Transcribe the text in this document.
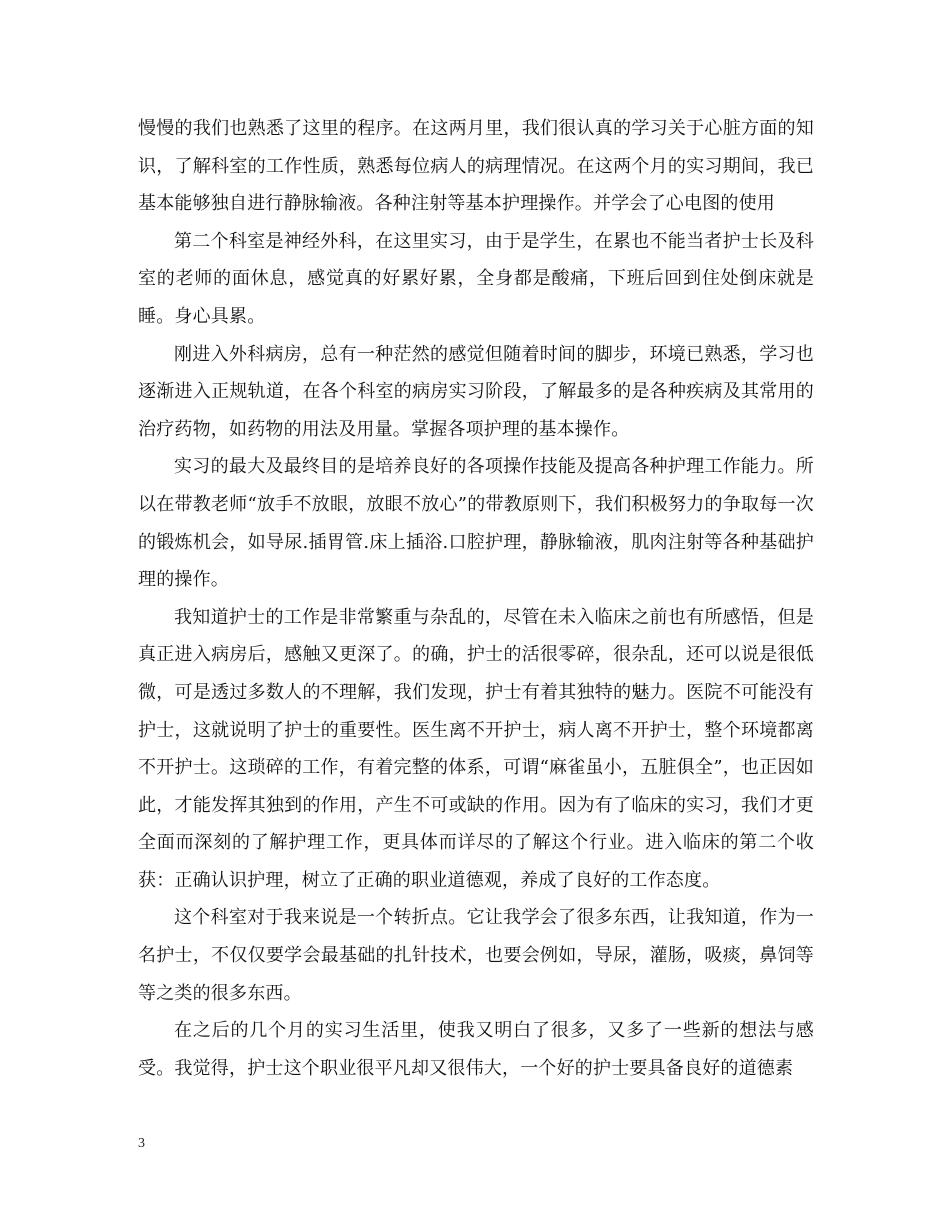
慢慢的我们也熟悉了这里的程序。在这两月里，我们很认真的学习关于心脏方面的知识，了解科室的工作性质，熟悉每位病人的病理情况。在这两个月的实习期间，我已基本能够独自进行静脉输液。各种注射等基本护理操作。并学会了心电图的使用

第二个科室是神经外科，在这里实习，由于是学生，在累也不能当者护士长及科室的老师的面休息，感觉真的好累好累，全身都是酸痛，下班后回到住处倒床就是睡。身心具累。

刚进入外科病房，总有一种茫然的感觉但随着时间的脚步，环境已熟悉，学习也逐渐进入正规轨道，在各个科室的病房实习阶段，了解最多的是各种疾病及其常用的治疗药物，如药物的用法及用量。掌握各项护理的基本操作。

实习的最大及最终目的是培养良好的各项操作技能及提高各种护理工作能力。所以在带教老师“放手不放眼，放眼不放心”的带教原则下，我们积极努力的争取每一次的锻炼机会，如导尿.插胃管.床上插浴.口腔护理，静脉输液，肌肉注射等各种基础护理的操作。

我知道护士的工作是非常繁重与杂乱的，尽管在未入临床之前也有所感悟，但是真正进入病房后，感触又更深了。的确，护士的活很零碎，很杂乱，还可以说是很低微，可是透过多数人的不理解，我们发现，护士有着其独特的魅力。医院不可能没有护士，这就说明了护士的重要性。医生离不开护士，病人离不开护士，整个环境都离不开护士。这琐碎的工作，有着完整的体系，可谓“麻雀虽小，五脏俱全”，也正因如此，才能发挥其独到的作用，产生不可或缺的作用。因为有了临床的实习，我们才更全面而深刻的了解护理工作，更具体而详尽的了解这个行业。进入临床的第二个收获：正确认识护理，树立了正确的职业道德观，养成了良好的工作态度。

这个科室对于我来说是一个转折点。它让我学会了很多东西，让我知道，作为一名护士，不仅仅要学会最基础的扎针技术，也要会例如，导尿，灌肠，吸痰，鼻饲等等之类的很多东西。

在之后的几个月的实习生活里，使我又明白了很多，又多了一些新的想法与感受。我觉得，护士这个职业很平凡却又很伟大，一个好的护士要具备良好的道德素

3
